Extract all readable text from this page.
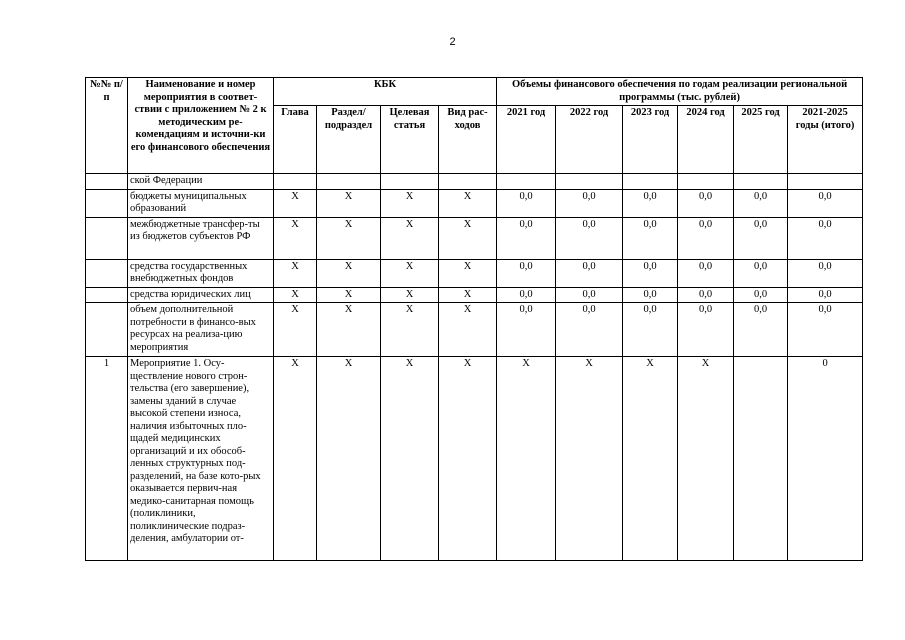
2
№№ п/п	Наименование и номер мероприятия в соответ-ствии с приложением № 2 к методическим ре-комендациям и источни-ки его финансового обеспечения	КБК				Объемы финансового обеспечения по годам реализации региональной программы (тыс. рублей)					
		Глава	Раздел/ подраздел	Целевая статья	Вид рас-ходов	2021 год	2022 год	2023 год	2024 год	2025 год	2021-2025 годы (итого)
	ской Федерации										
	бюджеты муниципальных образований	X	X	X	X	0,0	0,0	0,0	0,0	0,0	0,0
	межбюджетные трансфер-ты из бюджетов субъектов РФ	X	X	X	X	0,0	0,0	0,0	0,0	0,0	0,0
	средства государственных внебюджетных фондов	X	X	X	X	0,0	0,0	0,0	0,0	0,0	0,0
	средства юридических лиц	X	X	X	X	0,0	0,0	0,0	0,0	0,0	0,0
	объем дополнительной потребности в финансо-вых ресурсах на реализа-цию мероприятия	X	X	X	X	0,0	0,0	0,0	0,0	0,0	0,0
1	Мероприятие 1. Осу-ществление нового строн-тельства (его завершение), замены зданий в случае высокой степени износа, наличия избыточных пло-щадей медицинских организаций и их обособ-ленных структурных под-разделений, на базе кото-рых оказывается первич-ная медико-санитарная помощь (поликлиники, поликлинические подраз-деления, амбулатории от-	X	X	X	X	X	X	X	X		0
